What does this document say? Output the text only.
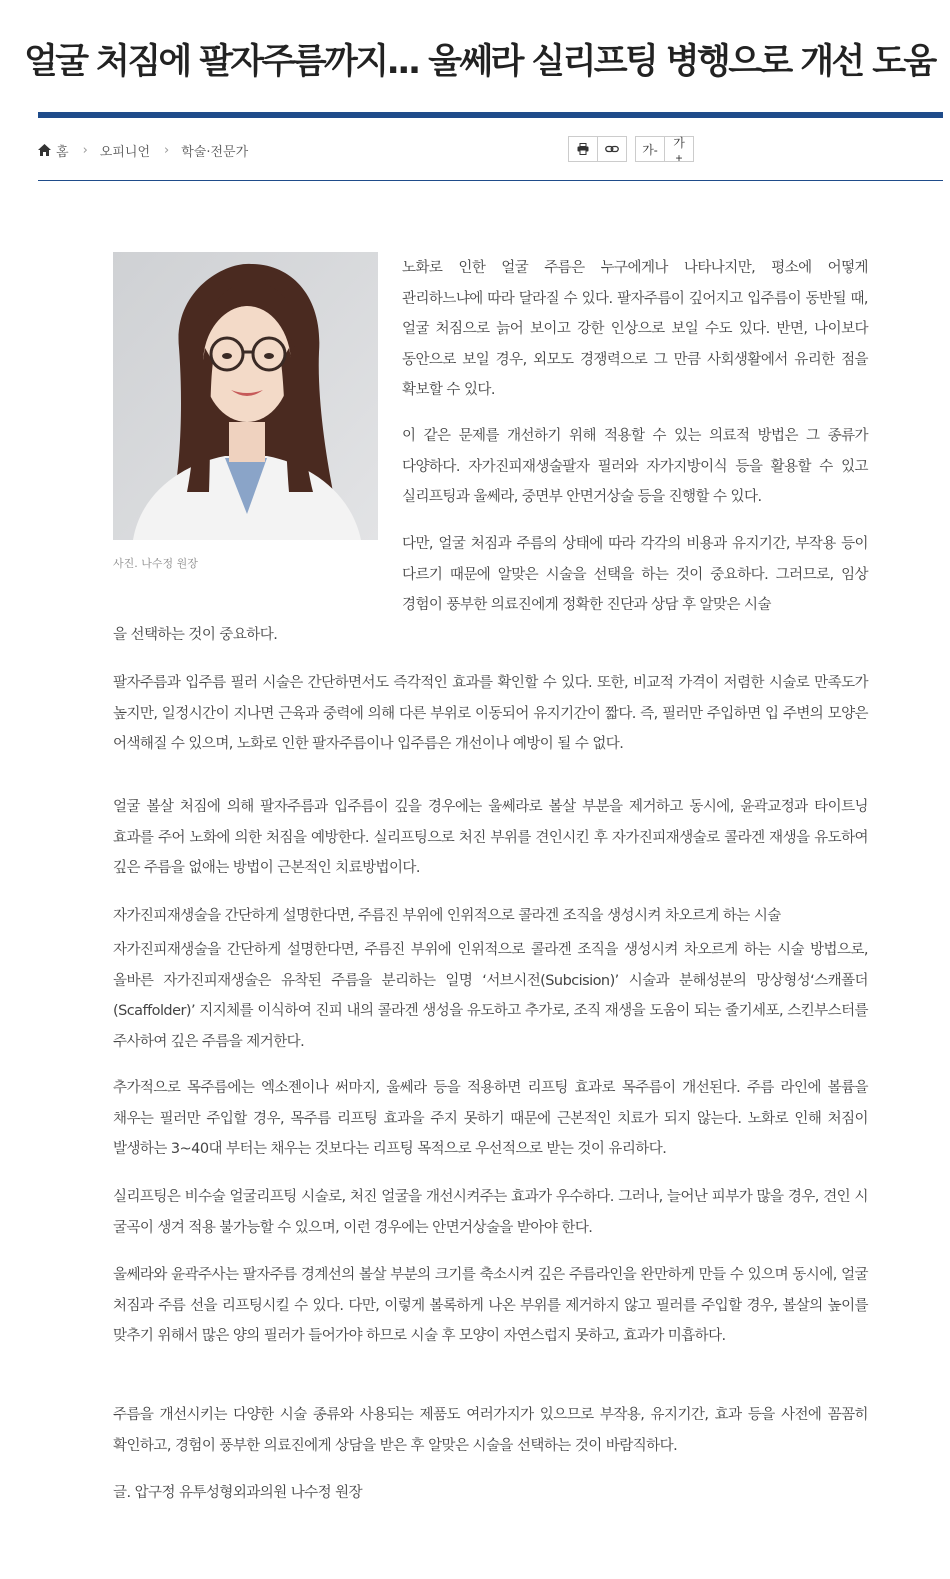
얼굴 처짐에 팔자주름까지... 울쎄라 실리프팅 병행으로 개선 도움
홈 › 오피니언 › 학술·전문가	가-	가+
사진. 나수정 원장

노화로 인한 얼굴 주름은 누구에게나 나타나지만, 평소에 어떻게 관리하느냐에 따라 달라질 수 있다. 팔자주름이 깊어지고 입주름이 동반될 때, 얼굴 처짐으로 늙어 보이고 강한 인상으로 보일 수도 있다. 반면, 나이보다 동안으로 보일 경우, 외모도 경쟁력으로 그 만큼 사회생활에서 유리한 점을 확보할 수 있다.

이 같은 문제를 개선하기 위해 적용할 수 있는 의료적 방법은 그 종류가 다양하다. 자가진피재생술팔자 필러와 자가지방이식 등을 활용할 수 있고 실리프팅과 울쎄라, 중면부 안면거상술 등을 진행할 수 있다.

다만, 얼굴 처짐과 주름의 상태에 따라 각각의 비용과 유지기간, 부작용 등이 다르기 때문에 알맞은 시술을 선택을 하는 것이 중요하다. 그러므로, 임상 경험이 풍부한 의료진에게 정확한 진단과 상담 후 알맞은 시술

을 선택하는 것이 중요하다.

팔자주름과 입주름 필러 시술은 간단하면서도 즉각적인 효과를 확인할 수 있다. 또한, 비교적 가격이 저렴한 시술로 만족도가 높지만, 일정시간이 지나면 근육과 중력에 의해 다른 부위로 이동되어 유지기간이 짧다. 즉, 필러만 주입하면 입 주변의 모양은 어색해질 수 있으며, 노화로 인한 팔자주름이나 입주름은 개선이나 예방이 될 수 없다.

얼굴 볼살 처짐에 의해 팔자주름과 입주름이 깊을 경우에는 울쎄라로 볼살 부분을 제거하고 동시에, 윤곽교정과 타이트닝 효과를 주어 노화에 의한 처짐을 예방한다. 실리프팅으로 처진 부위를 견인시킨 후 자가진피재생술로 콜라겐 재생을 유도하여 깊은 주름을 없애는 방법이 근본적인 치료방법이다.

자가진피재생술을 간단하게 설명한다면, 주름진 부위에 인위적으로 콜라겐 조직을 생성시켜 차오르게 하는 시술

자가진피재생술을 간단하게 설명한다면, 주름진 부위에 인위적으로 콜라겐 조직을 생성시켜 차오르게 하는 시술 방법으로, 올바른 자가진피재생술은 유착된 주름을 분리하는 일명 ‘서브시전(Subcision)’ 시술과 분해성분의 망상형성‘스캐폴더(Scaffolder)’ 지지체를 이식하여 진피 내의 콜라겐 생성을 유도하고 추가로, 조직 재생을 도움이 되는 줄기세포, 스킨부스터를 주사하여 깊은 주름을 제거한다.

추가적으로 목주름에는 엑소젠이나 써마지, 울쎄라 등을 적용하면 리프팅 효과로 목주름이 개선된다. 주름 라인에 볼륨을 채우는 필러만 주입할 경우, 목주름 리프팅 효과을 주지 못하기 때문에 근본적인 치료가 되지 않는다. 노화로 인해 처짐이 발생하는 3~40대 부터는 채우는 것보다는 리프팅 목적으로 우선적으로 받는 것이 유리하다.

실리프팅은 비수술 얼굴리프팅 시술로, 처진 얼굴을 개선시켜주는 효과가 우수하다. 그러나, 늘어난 피부가 많을 경우, 견인 시 굴곡이 생겨 적용 불가능할 수 있으며, 이런 경우에는 안면거상술을 받아야 한다.

울쎄라와 윤곽주사는 팔자주름 경계선의 볼살 부분의 크기를 축소시켜 깊은 주름라인을 완만하게 만들 수 있으며 동시에, 얼굴 처짐과 주름 선을 리프팅시킬 수 있다. 다만, 이렇게 볼록하게 나온 부위를 제거하지 않고 필러를 주입할 경우, 볼살의 높이를 맞추기 위해서 많은 양의 필러가 들어가야 하므로 시술 후 모양이 자연스럽지 못하고, 효과가 미흡하다.

주름을 개선시키는 다양한 시술 종류와 사용되는 제품도 여러가지가 있으므로 부작용, 유지기간, 효과 등을 사전에 꼼꼼히 확인하고, 경험이 풍부한 의료진에게 상담을 받은 후 알맞은 시술을 선택하는 것이 바람직하다.

글. 압구정 유투성형외과의원 나수정 원장
